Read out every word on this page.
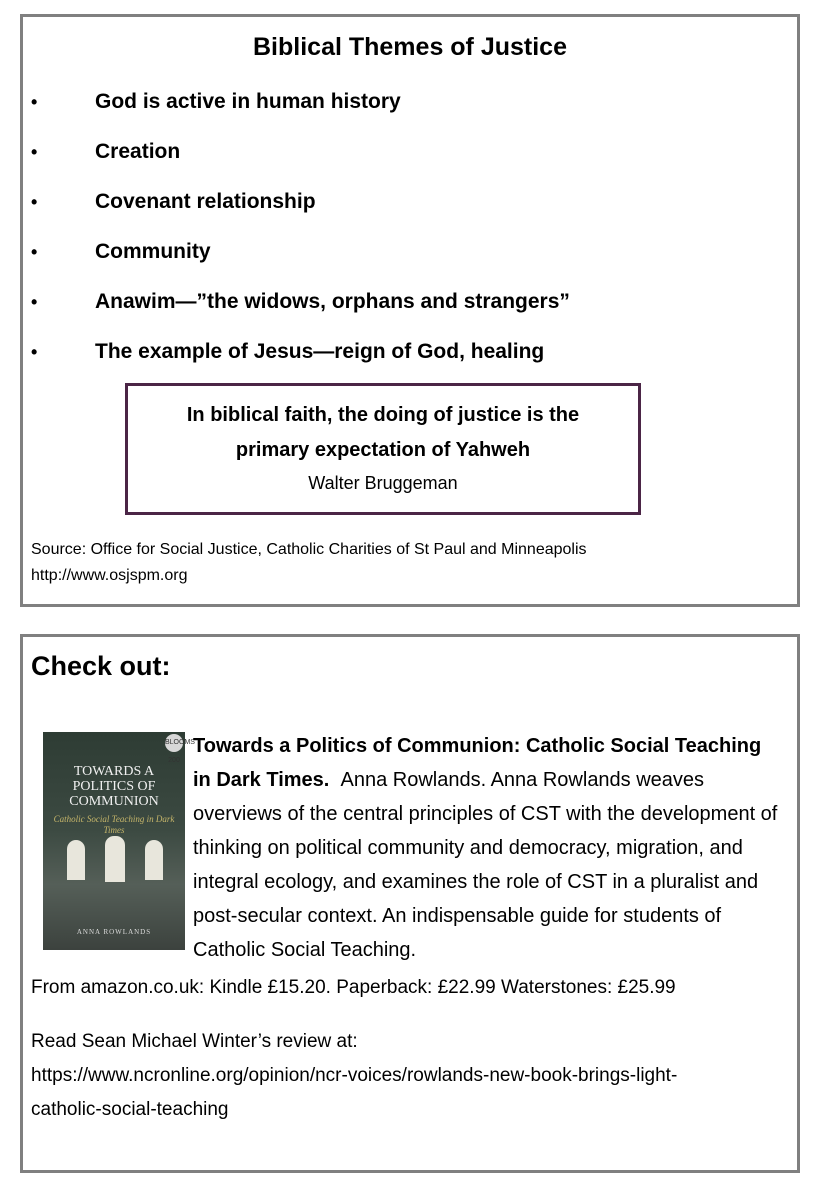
Biblical Themes of Justice
•	God is active in human history
•	Creation
•	Covenant relationship
•	Community
•	Anawim—”the widows, orphans and strangers”
•	The example of Jesus—reign of God, healing
In biblical faith, the doing of justice is the
primary expectation of Yahweh
Walter Bruggeman
Source: Office for Social Justice, Catholic Charities of St Paul and Minneapolis
http://www.osjspm.org
Check out:
BLOOMS 200
TOWARDS A POLITICS OF COMMUNION
Catholic Social Teaching in Dark Times
ANNA ROWLANDS
Towards a Politics of Communion: Catholic Social Teaching in Dark Times. Anna Rowlands. Anna Rowlands weaves overviews of the central principles of CST with the development of thinking on political community and democracy, migration, and integral ecology, and examines the role of CST in a pluralist and post-secular context. An indispensable guide for students of Catholic Social Teaching.
From amazon.co.uk: Kindle £15.20. Paperback: £22.99 Waterstones: £25.99
Read Sean Michael Winter’s review at:
https://www.ncronline.org/opinion/ncr-voices/rowlands-new-book-brings-light-
catholic-social-teaching
